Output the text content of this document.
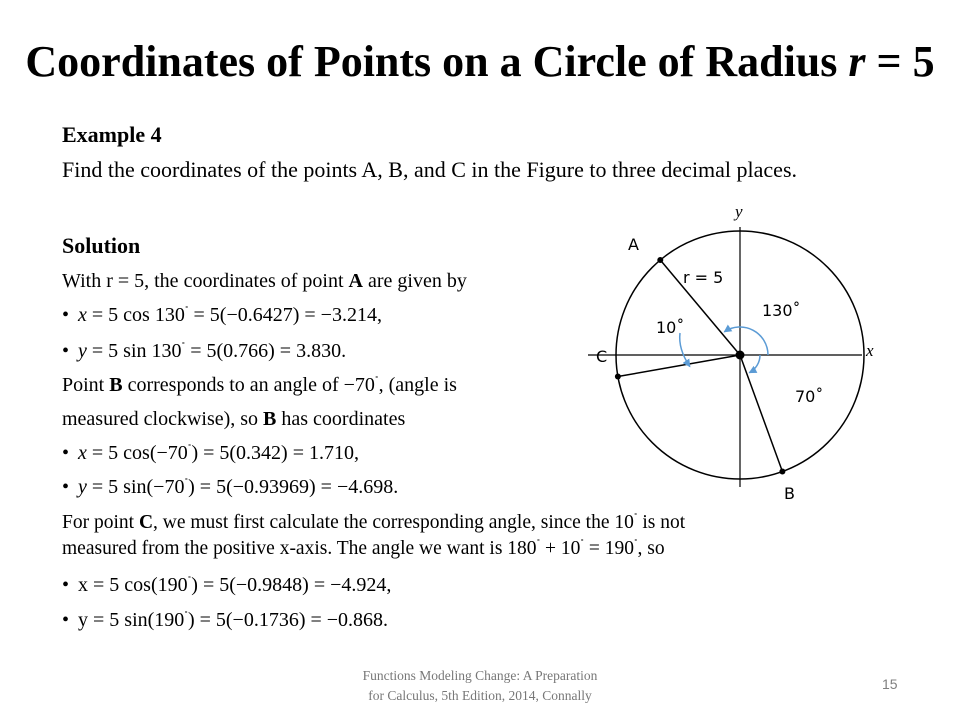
Coordinates of Points on a Circle of Radius r = 5
Example 4
Find the coordinates of the points A, B, and C in the Figure to three decimal places.
Solution
With r = 5, the coordinates of point A are given by
• x = 5 cos 130˚ = 5(−0.6427) = −3.214,
• y = 5 sin 130˚ = 5(0.766) = 3.830.
Point B corresponds to an angle of −70˚, (angle is
measured clockwise), so B has coordinates
• x = 5 cos(−70˚) = 5(0.342) = 1.710,
• y = 5 sin(−70˚) = 5(−0.93969) = −4.698.
For point C, we must first calculate the corresponding angle, since the 10˚ is not
measured from the positive x-axis. The angle we want is 180˚ + 10˚ = 190˚, so
• x = 5 cos(190˚) = 5(−0.9848) = −4.924,
• y = 5 sin(190˚) = 5(−0.1736) = −0.868.
A
B
C
r = 5
130˚
70˚
10˚
x
y
Functions Modeling Change: A Preparation
for Calculus, 5th Edition, 2014, Connally
15
